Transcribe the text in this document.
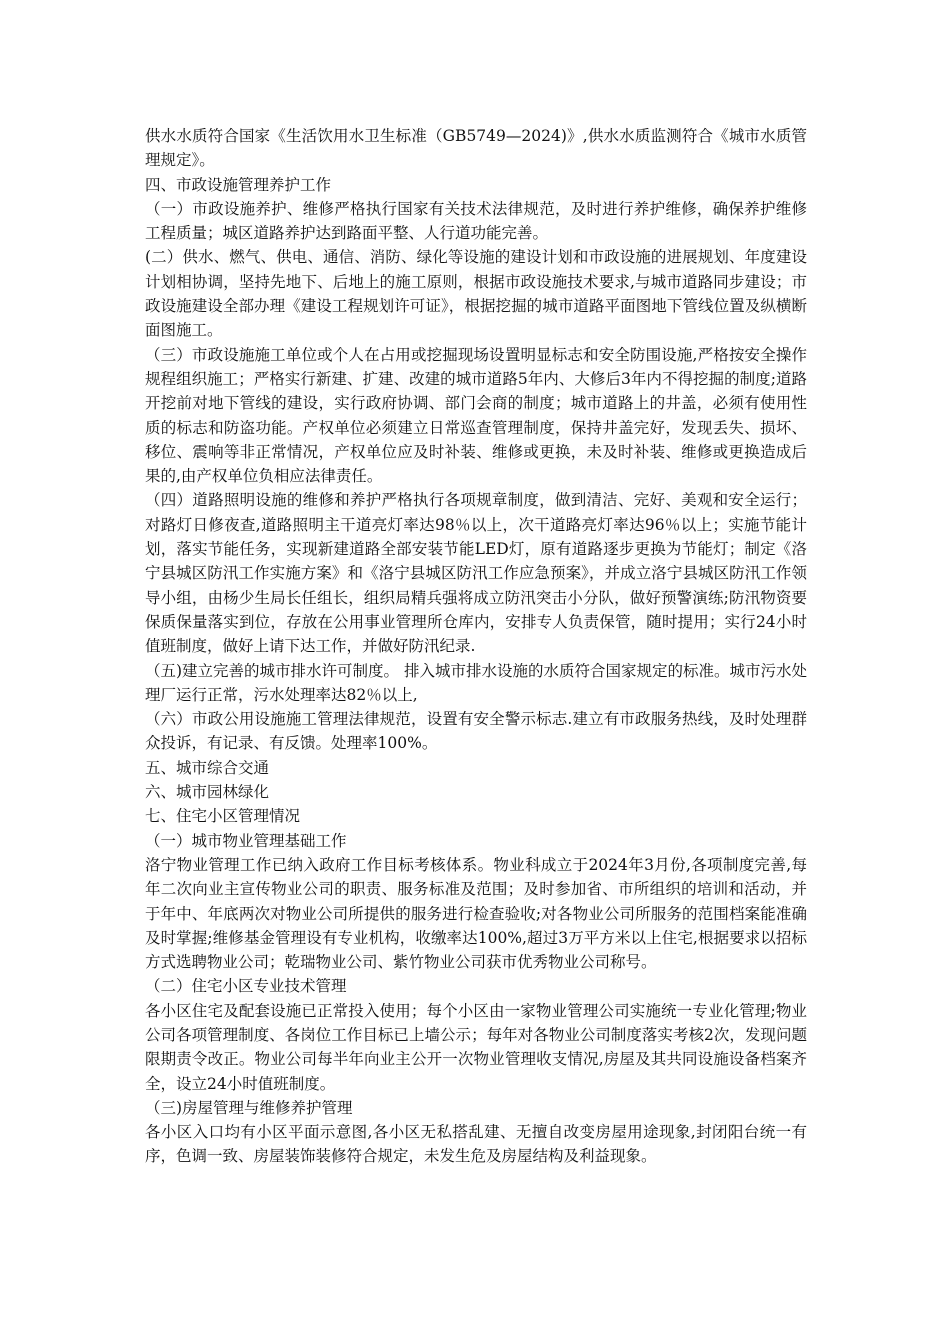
供水水质符合国家《生活饮用水卫生标准（GB5749—2024)》,供水水质监测符合《城市水质管理规定》。

四、市政设施管理养护工作

（一）市政设施养护、维修严格执行国家有关技术法律规范，及时进行养护维修，确保养护维修工程质量；城区道路养护达到路面平整、人行道功能完善。

(二）供水、燃气、供电、通信、消防、绿化等设施的建设计划和市政设施的进展规划、年度建设计划相协调，坚持先地下、后地上的施工原则，根据市政设施技术要求,与城市道路同步建设；市政设施建设全部办理《建设工程规划许可证》，根据挖掘的城市道路平面图地下管线位置及纵横断面图施工。

（三）市政设施施工单位或个人在占用或挖掘现场设置明显标志和安全防围设施,严格按安全操作规程组织施工；严格实行新建、扩建、改建的城市道路5年内、大修后3年内不得挖掘的制度;道路开挖前对地下管线的建设，实行政府协调、部门会商的制度；城市道路上的井盖，必须有使用性质的标志和防盗功能。产权单位必须建立日常巡查管理制度，保持井盖完好，发现丢失、损坏、移位、震响等非正常情况，产权单位应及时补装、维修或更换，未及时补装、维修或更换造成后果的,由产权单位负相应法律责任。

（四）道路照明设施的维修和养护严格执行各项规章制度，做到清洁、完好、美观和安全运行；对路灯日修夜查,道路照明主干道亮灯率达98％以上，次干道路亮灯率达96％以上；实施节能计划，落实节能任务，实现新建道路全部安装节能LED灯，原有道路逐步更换为节能灯；制定《洛宁县城区防汛工作实施方案》和《洛宁县城区防汛工作应急预案》，并成立洛宁县城区防汛工作领导小组，由杨少生局长任组长，组织局精兵强将成立防汛突击小分队，做好预警演练;防汛物资要保质保量落实到位，存放在公用事业管理所仓库内，安排专人负责保管，随时提用；实行24小时值班制度，做好上请下达工作，并做好防汛纪录.

（五)建立完善的城市排水许可制度。 排入城市排水设施的水质符合国家规定的标准。城市污水处理厂运行正常，污水处理率达82％以上,

（六）市政公用设施施工管理法律规范，设置有安全警示标志.建立有市政服务热线，及时处理群众投诉，有记录、有反馈。处理率100%。

五、城市综合交通

六、城市园林绿化

七、住宅小区管理情况

（一）城市物业管理基础工作

洛宁物业管理工作已纳入政府工作目标考核体系。物业科成立于2024年3月份,各项制度完善,每年二次向业主宣传物业公司的职责、服务标准及范围；及时参加省、市所组织的培训和活动，并于年中、年底两次对物业公司所提供的服务进行检查验收;对各物业公司所服务的范围档案能准确及时掌握;维修基金管理设有专业机构，收缴率达100%,超过3万平方米以上住宅,根据要求以招标方式选聘物业公司；乾瑞物业公司、紫竹物业公司获市优秀物业公司称号。

（二）住宅小区专业技术管理

各小区住宅及配套设施已正常投入使用；每个小区由一家物业管理公司实施统一专业化管理;物业公司各项管理制度、各岗位工作目标已上墙公示；每年对各物业公司制度落实考核2次，发现问题限期责令改正。物业公司每半年向业主公开一次物业管理收支情况,房屋及其共同设施设备档案齐全，设立24小时值班制度。

（三)房屋管理与维修养护管理

各小区入口均有小区平面示意图,各小区无私搭乱建、无擅自改变房屋用途现象,封闭阳台统一有序，色调一致、房屋装饰装修符合规定，未发生危及房屋结构及利益现象。
